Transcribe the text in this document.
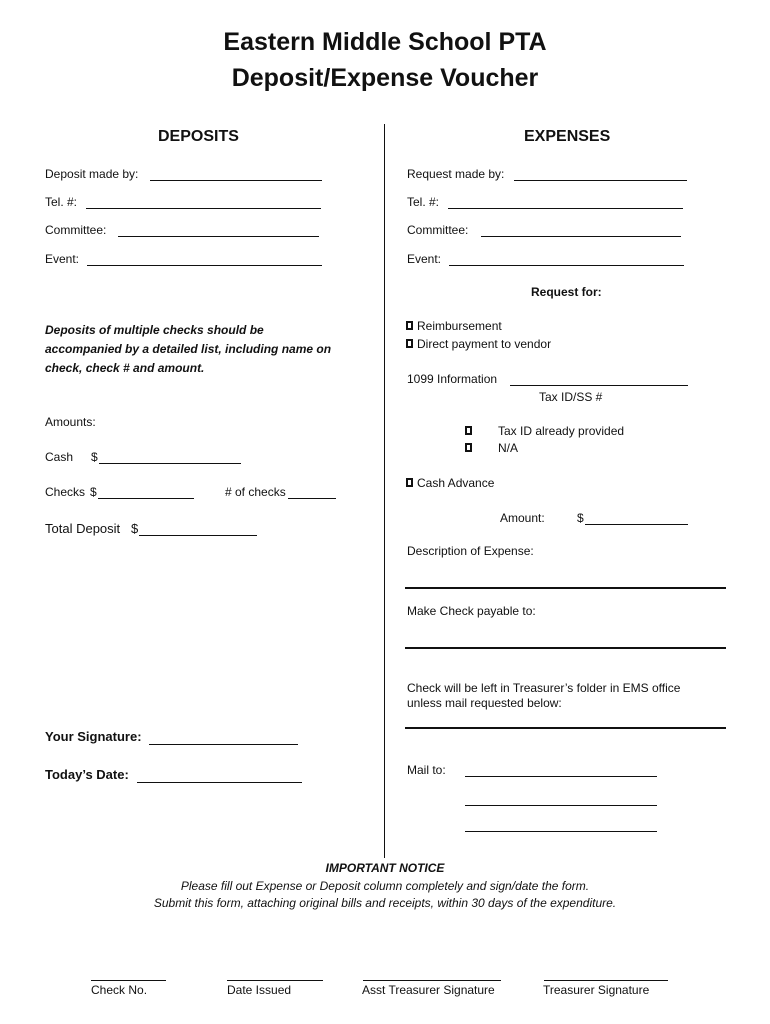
Eastern Middle School PTA
Deposit/Expense Voucher
DEPOSITS
Deposit made by:
Tel. #:
Committee:
Event:
Deposits of multiple checks should be
accompanied by a detailed list, including name on
check, check # and amount.
Amounts:
Cash $
Checks $	# of checks
Total Deposit $
Your Signature:
Today’s Date:
EXPENSES
Request made by:
Tel. #:
Committee:
Event:
Request for:
Reimbursement
Direct payment to vendor
1099 Information
Tax ID/SS #
Tax ID already provided
N/A
Cash Advance
Amount:	$
Description of Expense:
Make Check payable to:
Check will be left in Treasurer’s folder in EMS office
unless mail requested below:
Mail to:
IMPORTANT NOTICE
Please fill out Expense or Deposit column completely and sign/date the form.
Submit this form, attaching original bills and receipts, within 30 days of the expenditure.
Check No.	Date Issued	Asst Treasurer Signature	Treasurer Signature
